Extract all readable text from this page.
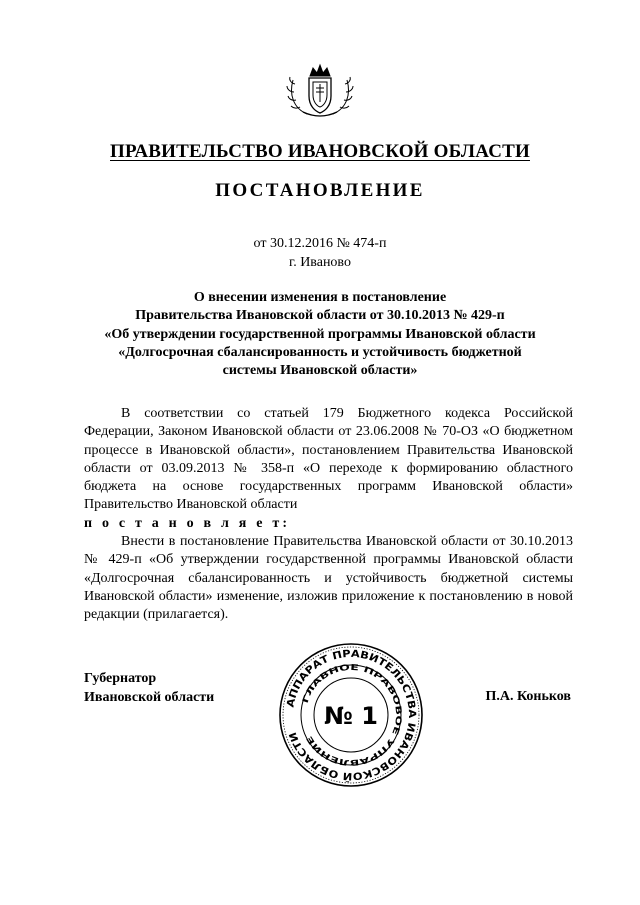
ПРАВИТЕЛЬСТВО ИВАНОВСКОЙ ОБЛАСТИ
ПОСТАНОВЛЕНИЕ
от 30.12.2016 № 474-п
г. Иваново
О внесении изменения в постановление
Правительства Ивановской области от 30.10.2013 № 429-п
«Об утверждении государственной программы Ивановской области
«Долгосрочная сбалансированность и устойчивость бюджетной
системы Ивановской области»

В соответствии со статьей 179 Бюджетного кодекса Российской Федерации, Законом Ивановской области от 23.06.2008 № 70-ОЗ «О бюджетном процессе в Ивановской области», постановлением Правительства Ивановской области от 03.09.2013 № 358-п «О переходе к формированию областного бюджета на основе государственных программ Ивановской области» Правительство Ивановской области

п о с т а н о в л я е т:

Внести в постановление Правительства Ивановской области от 30.10.2013 № 429-п «Об утверждении государственной программы Ивановской области «Долгосрочная сбалансированность и устойчивость бюджетной системы Ивановской области» изменение, изложив приложение к постановлению в новой редакции (прилагается).

Губернатор
Ивановской области	П.А. Коньков
АППАРАТ ПРАВИТЕЛЬСТВА ИВАНОВСКОЙ ОБЛАСТИ
ГЛАВНОЕ ПРАВОВОЕ УПРАВЛЕНИЕ
№ 1
